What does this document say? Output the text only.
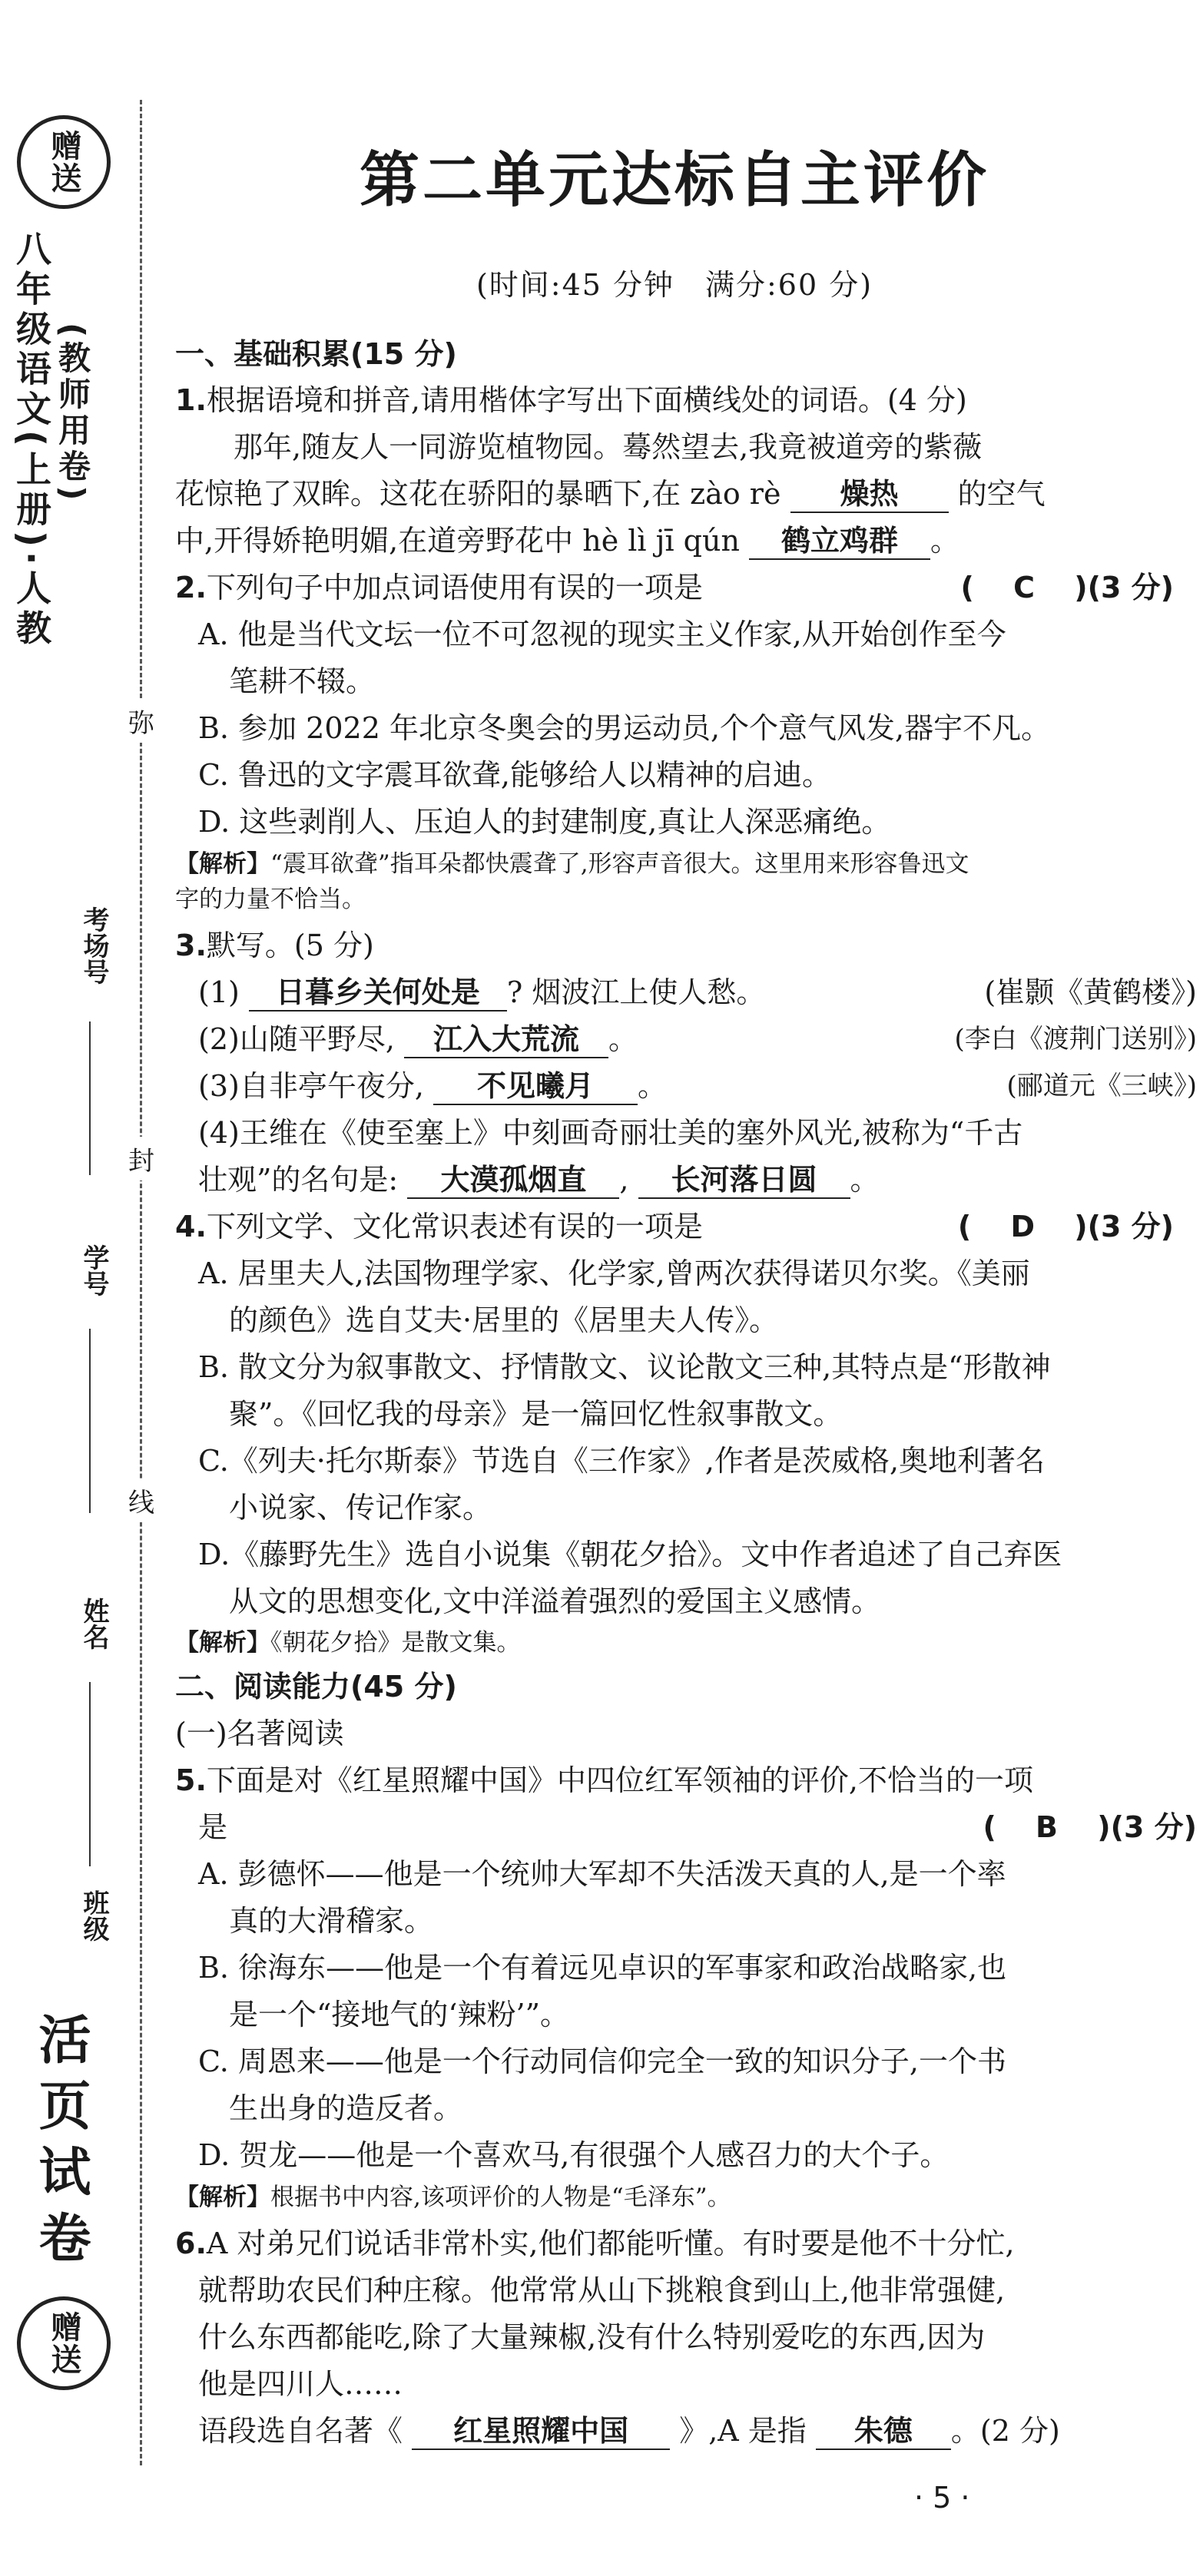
赠送
八年级语文(上册)·人教 (教师用卷)
考场号
学号
姓名
班级
活页试卷
赠送
弥
封
线
第二单元达标自主评价
(时间:45 分钟　满分:60 分)
一、基础积累(15 分)
1.根据语境和拼音,请用楷体字写出下面横线处的词语。(4 分)
那年,随友人一同游览植物园。蓦然望去,我竟被道旁的紫薇
花惊艳了双眸。这花在骄阳的暴晒下,在 zào rè 燥热 的空气
中,开得娇艳明媚,在道旁野花中 hè lì jī qún 鹤立鸡群 。
2.下列句子中加点词语使用有误的一项是	( 　C　 )(3 分)
A. 他是当代文坛一位不可忽视的现实主义作家,从开始创作至今
笔耕不辍。
B. 参加 2022 年北京冬奥会的男运动员,个个意气风发,器宇不凡。
C. 鲁迅的文字震耳欲聋,能够给人以精神的启迪。
D. 这些剥削人、压迫人的封建制度,真让人深恶痛绝。
【解析】“震耳欲聋”指耳朵都快震聋了,形容声音很大。这里用来形容鲁迅文
字的力量不恰当。
3.默写。(5 分)
(1) 日暮乡关何处是 ? 烟波江上使人愁。	(崔颢《黄鹤楼》)
(2)山随平野尽, 江入大荒流 。	(李白《渡荆门送别》)
(3)自非亭午夜分, 不见曦月 。	(郦道元《三峡》)
(4)王维在《使至塞上》中刻画奇丽壮美的塞外风光,被称为“千古
壮观”的名句是: 大漠孤烟直 , 长河落日圆 。
4.下列文学、文化常识表述有误的一项是	( 　D　 )(3 分)
A. 居里夫人,法国物理学家、化学家,曾两次获得诺贝尔奖。《美丽
的颜色》选自艾夫·居里的《居里夫人传》。
B. 散文分为叙事散文、抒情散文、议论散文三种,其特点是“形散神
聚”。《回忆我的母亲》是一篇回忆性叙事散文。
C.《列夫·托尔斯泰》节选自《三作家》,作者是茨威格,奥地利著名
小说家、传记作家。
D.《藤野先生》选自小说集《朝花夕拾》。文中作者追述了自己弃医
从文的思想变化,文中洋溢着强烈的爱国主义感情。
【解析】《朝花夕拾》是散文集。
二、阅读能力(45 分)
(一)名著阅读
5.下面是对《红星照耀中国》中四位红军领袖的评价,不恰当的一项
是	( 　B　 )(3 分)
A. 彭德怀——他是一个统帅大军却不失活泼天真的人,是一个率
真的大滑稽家。
B. 徐海东——他是一个有着远见卓识的军事家和政治战略家,也
是一个“接地气的‘辣粉’”。
C. 周恩来——他是一个行动同信仰完全一致的知识分子,一个书
生出身的造反者。
D. 贺龙——他是一个喜欢马,有很强个人感召力的大个子。
【解析】根据书中内容,该项评价的人物是“毛泽东”。
6.A 对弟兄们说话非常朴实,他们都能听懂。有时要是他不十分忙,
就帮助农民们种庄稼。他常常从山下挑粮食到山上,他非常强健,
什么东西都能吃,除了大量辣椒,没有什么特别爱吃的东西,因为
他是四川人……
语段选自名著《 红星照耀中国 》,A 是指 朱德 。(2 分)
· 5 ·
